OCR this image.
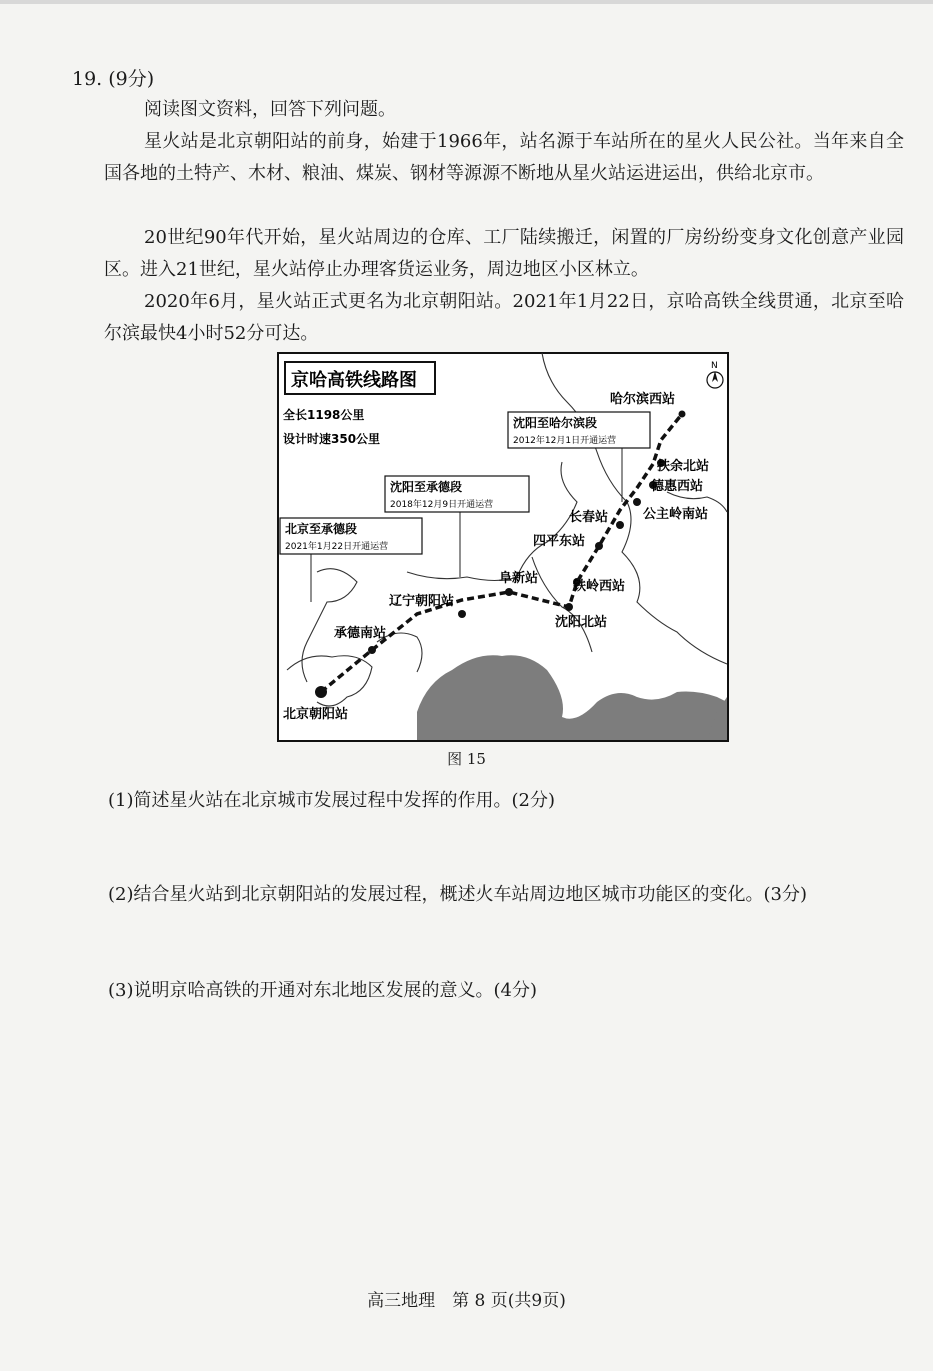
19. (9分)

阅读图文资料，回答下列问题。

星火站是北京朝阳站的前身，始建于1966年，站名源于车站所在的星火人民公社。当年来自全国各地的土特产、木材、粮油、煤炭、钢材等源源不断地从星火站运进运出，供给北京市。

20世纪90年代开始，星火站周边的仓库、工厂陆续搬迁，闲置的厂房纷纷变身文化创意产业园区。进入21世纪，星火站停止办理客货运业务，周边地区小区林立。

2020年6月，星火站正式更名为北京朝阳站。2021年1月22日，京哈高铁全线贯通，北京至哈尔滨最快4小时52分可达。

京哈高铁线路图
N
全长1198公里
设计时速350公里
沈阳至哈尔滨段
2012年12月1日开通运营
沈阳至承德段
2018年12月9日开通运营
北京至承德段
2021年1月22日开通运营
哈尔滨西站
扶余北站
德惠西站
公主岭南站
长春站
四平东站
铁岭西站
沈阳北站
阜新站
辽宁朝阳站
承德南站
北京朝阳站
图 15
(1)简述星火站在北京城市发展过程中发挥的作用。(2分)
(2)结合星火站到北京朝阳站的发展过程，概述火车站周边地区城市功能区的变化。(3分)
(3)说明京哈高铁的开通对东北地区发展的意义。(4分)
高三地理　第 8 页(共9页)
